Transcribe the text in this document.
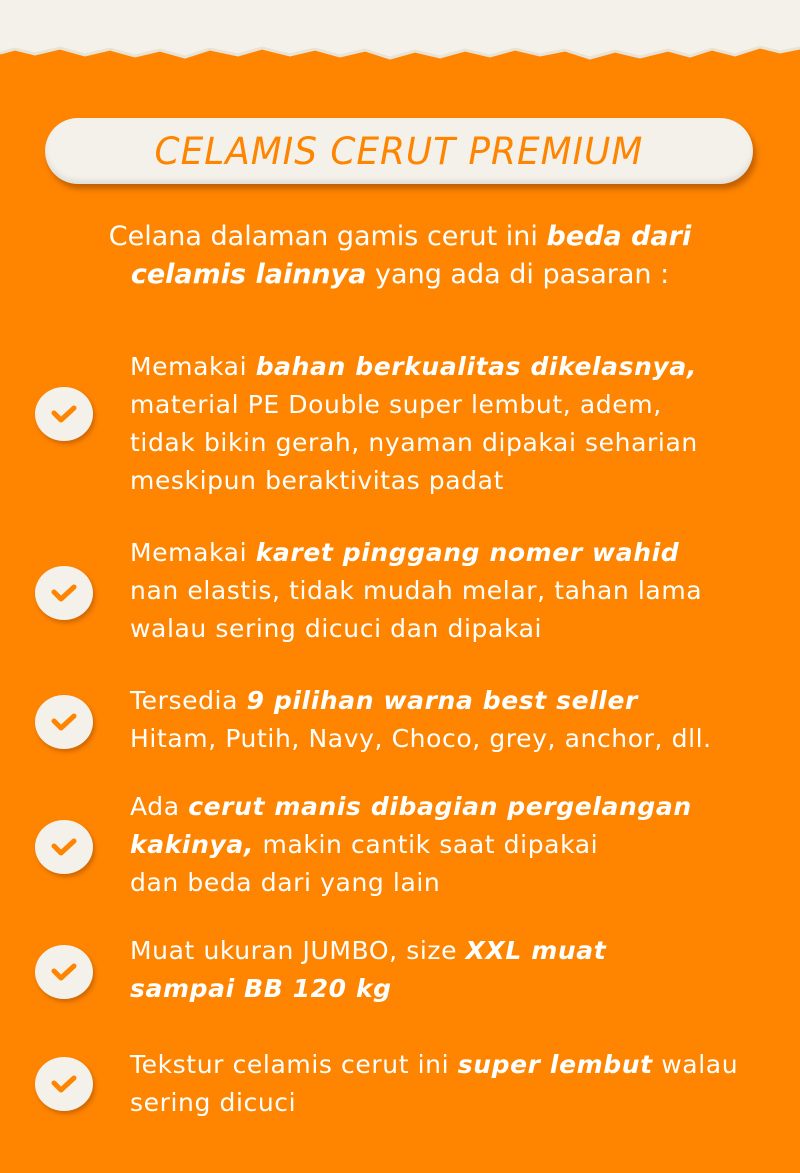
CELAMIS CERUT PREMIUM
Celana dalaman gamis cerut ini beda dari
celamis lainnya yang ada di pasaran :
Memakai bahan berkualitas dikelasnya,
material PE Double super lembut, adem,
tidak bikin gerah, nyaman dipakai seharian
meskipun beraktivitas padat
Memakai karet pinggang nomer wahid
nan elastis, tidak mudah melar, tahan lama
walau sering dicuci dan dipakai
Tersedia 9 pilihan warna best seller
Hitam, Putih, Navy, Choco, grey, anchor, dll.
Ada cerut manis dibagian pergelangan
kakinya, makin cantik saat dipakai
dan beda dari yang lain
Muat ukuran JUMBO, size XXL muat
sampai BB 120 kg
Tekstur celamis cerut ini super lembut walau
sering dicuci
